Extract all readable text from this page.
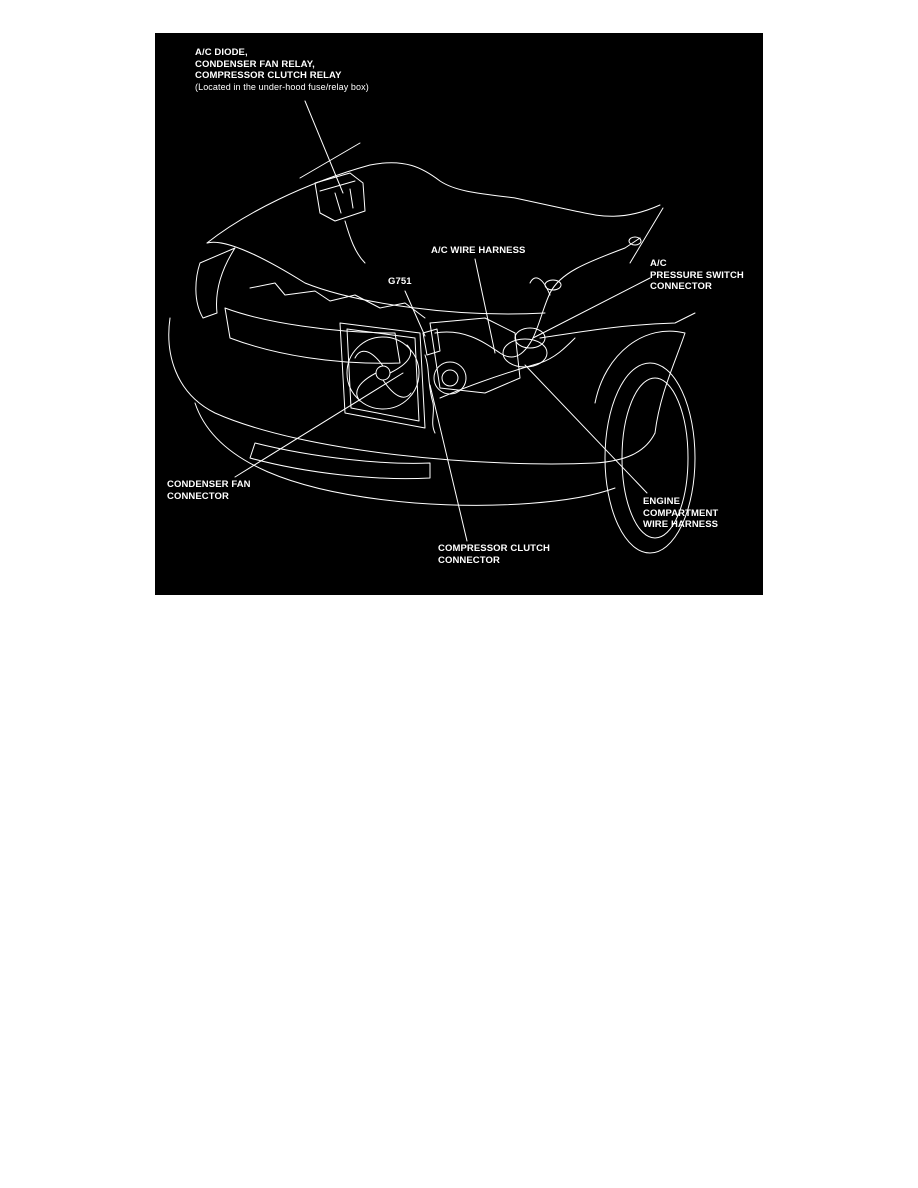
A/C DIODE,
CONDENSER FAN RELAY,
COMPRESSOR CLUTCH RELAY
(Located in the under-hood fuse/relay box)
A/C WIRE HARNESS
G751
A/C
PRESSURE SWITCH
CONNECTOR
CONDENSER FAN
CONNECTOR	ENGINE
COMPARTMENT
WIRE HARNESS
COMPRESSOR CLUTCH
CONNECTOR
